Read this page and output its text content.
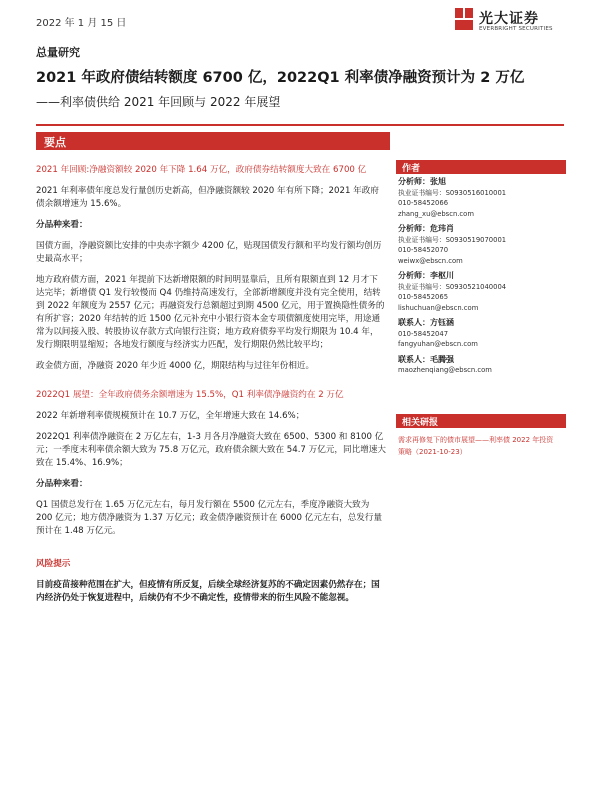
2022 年 1 月 15 日	光大证券
EVERBRIGHT SECURITIES
总量研究
2021 年政府债结转额度 6700 亿，2022Q1 利率债净融资预计为 2 万亿
——利率债供给 2021 年回顾与 2022 年展望
要点

2021 年回顾:净融资额较 2020 年下降 1.64 万亿，政府债券结转额度大致在 6700 亿

2021 年利率债年度总发行量创历史新高，但净融资额较 2020 年有所下降；2021 年政府债余额增速为 15.6%。

分品种来看：

国债方面，净融资额比安排的中央赤字额少 4200 亿，贴现国债发行额和平均发行额均创历史最高水平；

地方政府债方面，2021 年提前下达新增限额的时间明显靠后，且所有限额直到 12 月才下达完毕；新增债 Q1 发行较慢而 Q4 仍维持高速发行，全部新增额度并没有完全使用，结转到 2022 年额度为 2557 亿元；再融资发行总额超过到期 4500 亿元，用于置换隐性债务的有所扩容；2020 年结转的近 1500 亿元补充中小银行资本金专项债额度使用完毕，用途通常为以间接入股、转股协议存款方式向银行注资；地方政府债券平均发行期限为 10.4 年，发行期限明显缩短；各地发行额度与经济实力匹配，发行期限仍然比较平均；

政金债方面，净融资 2020 年少近 4000 亿，期限结构与过往年份相近。

2022Q1 展望：全年政府债务余额增速为 15.5%，Q1 利率债净融资约在 2 万亿

2022 年新增利率债规模预计在 10.7 万亿，全年增速大致在 14.6%；

2022Q1 利率债净融资在 2 万亿左右，1-3 月各月净融资大致在 6500、5300 和 8100 亿元；一季度末利率债余额大致为 75.8 万亿元，政府债余额大致在 54.7 万亿元，同比增速大致在 15.4%、16.9%；

分品种来看：

Q1 国债总发行在 1.65 万亿元左右，每月发行额在 5500 亿元左右，季度净融资大致为 200 亿元；地方债净融资为 1.37 万亿元；政金债净融资预计在 6000 亿元左右，总发行量预计在 1.48 万亿元。

风险提示

目前疫苗接种范围在扩大，但疫情有所反复，后续全球经济复苏的不确定因素仍然存在；国内经济仍处于恢复进程中，后续仍有不少不确定性，疫情带来的衍生风险不能忽视。

作者
分析师：张旭
执业证书编号：S0930516010001
010-58452066
zhang_xu@ebscn.com
分析师：危玮肖
执业证书编号：S0930519070001
010-58452070
weiwx@ebscn.com
分析师：李枢川
执业证书编号：S0930521040004
010-58452065
lishuchuan@ebscn.com
联系人：方钰涵
010-58452047
fangyuhan@ebscn.com
联系人：毛腾强
maozhenqiang@ebscn.com
相关研报
需求再修复下的债市展望——利率债 2022 年投资策略（2021-10-23）
